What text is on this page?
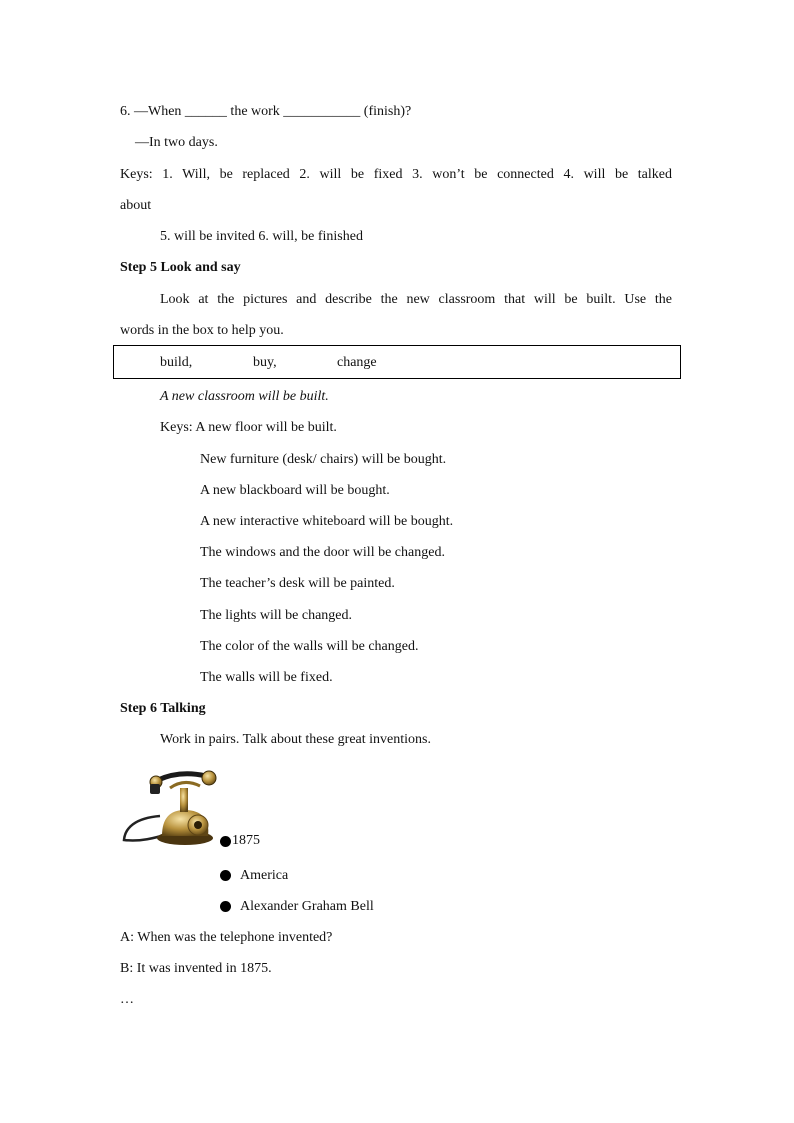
6. —When ______ the work ___________ (finish)?
—In two days.
Keys: 1. Will, be replaced 2. will be fixed 3. won’t be connected 4. will be talked
about
5. will be invited 6. will, be finished
Step 5 Look and say
Look at the pictures and describe the new classroom that will be built. Use the
words in the box to help you.
build,	buy,	change
A new classroom will be built.
Keys: A new floor will be built.
New furniture (desk/ chairs) will be bought.
A new blackboard will be bought.
A new interactive whiteboard will be bought.
The windows and the door will be changed.
The teacher’s desk will be painted.
The lights will be changed.
The color of the walls will be changed.
The walls will be fixed.
Step 6 Talking
Work in pairs. Talk about these great inventions.
1875
America
Alexander Graham Bell
A: When was the telephone invented?
B: It was invented in 1875.
…
